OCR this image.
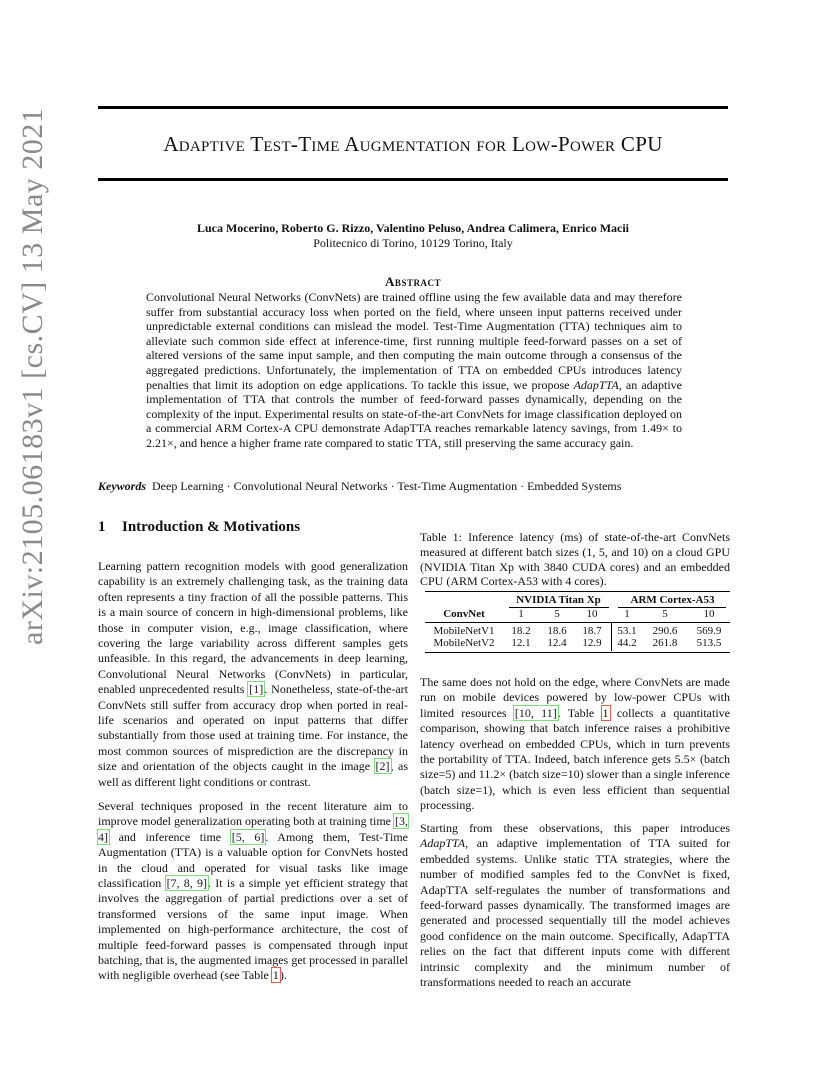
arXiv:2105.06183v1 [cs.CV] 13 May 2021	Adaptive Test-Time Augmentation for Low-Power CPU
Luca Mocerino, Roberto G. Rizzo, Valentino Peluso, Andrea Calimera, Enrico Macii
Politecnico di Torino, 10129 Torino, Italy
Abstract

Convolutional Neural Networks (ConvNets) are trained offline using the few available data and may therefore suffer from substantial accuracy loss when ported on the field, where unseen input patterns received under unpredictable external conditions can mislead the model. Test-Time Augmentation (TTA) techniques aim to alleviate such common side effect at inference-time, first running multiple feed-forward passes on a set of altered versions of the same input sample, and then computing the main outcome through a consensus of the aggregated predictions. Unfortunately, the implementation of TTA on embedded CPUs introduces latency penalties that limit its adoption on edge applications. To tackle this issue, we propose AdapTTA, an adaptive implementation of TTA that controls the number of feed-forward passes dynamically, depending on the complexity of the input. Experimental results on state-of-the-art ConvNets for image classification deployed on a commercial ARM Cortex-A CPU demonstrate AdapTTA reaches remarkable latency savings, from 1.49× to 2.21×, and hence a higher frame rate compared to static TTA, still preserving the same accuracy gain.

Keywords Deep Learning · Convolutional Neural Networks · Test-Time Augmentation · Embedded Systems
1 Introduction & Motivations

Learning pattern recognition models with good generalization capability is an extremely challenging task, as the training data often represents a tiny fraction of all the possible patterns. This is a main source of concern in high-dimensional problems, like those in computer vision, e.g., image classification, where covering the large variability across different samples gets unfeasible. In this regard, the advancements in deep learning, Convolutional Neural Networks (ConvNets) in particular, enabled unprecedented results [1]. Nonetheless, state-of-the-art ConvNets still suffer from accuracy drop when ported in real-life scenarios and operated on input patterns that differ substantially from those used at training time. For instance, the most common sources of misprediction are the discrepancy in size and orientation of the objects caught in the image [2], as well as different light conditions or contrast.

Several techniques proposed in the recent literature aim to improve model generalization operating both at training time [3, 4] and inference time [5, 6]. Among them, Test-Time Augmentation (TTA) is a valuable option for ConvNets hosted in the cloud and operated for visual tasks like image classification [7, 8, 9]. It is a simple yet efficient strategy that involves the aggregation of partial predictions over a set of transformed versions of the same input image. When implemented on high-performance architecture, the cost of multiple feed-forward passes is compensated through input batching, that is, the augmented images get processed in parallel with negligible overhead (see Table 1).

Table 1: Inference latency (ms) of state-of-the-art ConvNets measured at different batch sizes (1, 5, and 10) on a cloud GPU (NVIDIA Titan Xp with 3840 CUDA cores) and an embedded CPU (ARM Cortex-A53 with 4 cores).

NVIDIA Titan Xp	ARM Cortex-A53
ConvNet	1	5	10	1	5	10
MobileNetV1	18.2	18.6	18.7	53.1	290.6	569.9
MobileNetV2	12.1	12.4	12.9	44.2	261.8	513.5

The same does not hold on the edge, where ConvNets are made run on mobile devices powered by low-power CPUs with limited resources [10, 11]. Table 1 collects a quantitative comparison, showing that batch inference raises a prohibitive latency overhead on embedded CPUs, which in turn prevents the portability of TTA. Indeed, batch inference gets 5.5× (batch size=5) and 11.2× (batch size=10) slower than a single inference (batch size=1), which is even less efficient than sequential processing.

Starting from these observations, this paper introduces AdapTTA, an adaptive implementation of TTA suited for embedded systems. Unlike static TTA strategies, where the number of modified samples fed to the ConvNet is fixed, AdapTTA self-regulates the number of transformations and feed-forward passes dynamically. The transformed images are generated and processed sequentially till the model achieves good confidence on the main outcome. Specifically, AdapTTA relies on the fact that different inputs come with different intrinsic complexity and the minimum number of transformations needed to reach an accurate
